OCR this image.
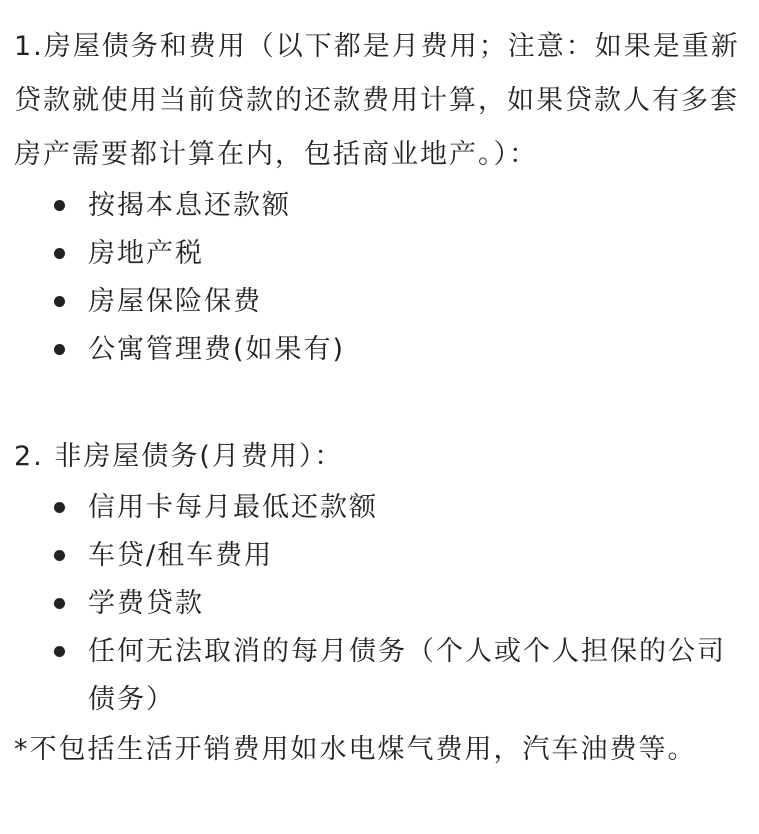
1.房屋债务和费用（以下都是月费用；注意：如果是重新贷款就使用当前贷款的还款费用计算，如果贷款人有多套房产需要都计算在内，包括商业地产。）：

按揭本息还款额
房地产税
房屋保险保费
公寓管理费(如果有)

2. 非房屋债务(月费用）：

信用卡每月最低还款额
车贷/租车费用
学费贷款
任何无法取消的每月债务（个人或个人担保的公司债务）

*不包括生活开销费用如水电煤气费用，汽车油费等。
